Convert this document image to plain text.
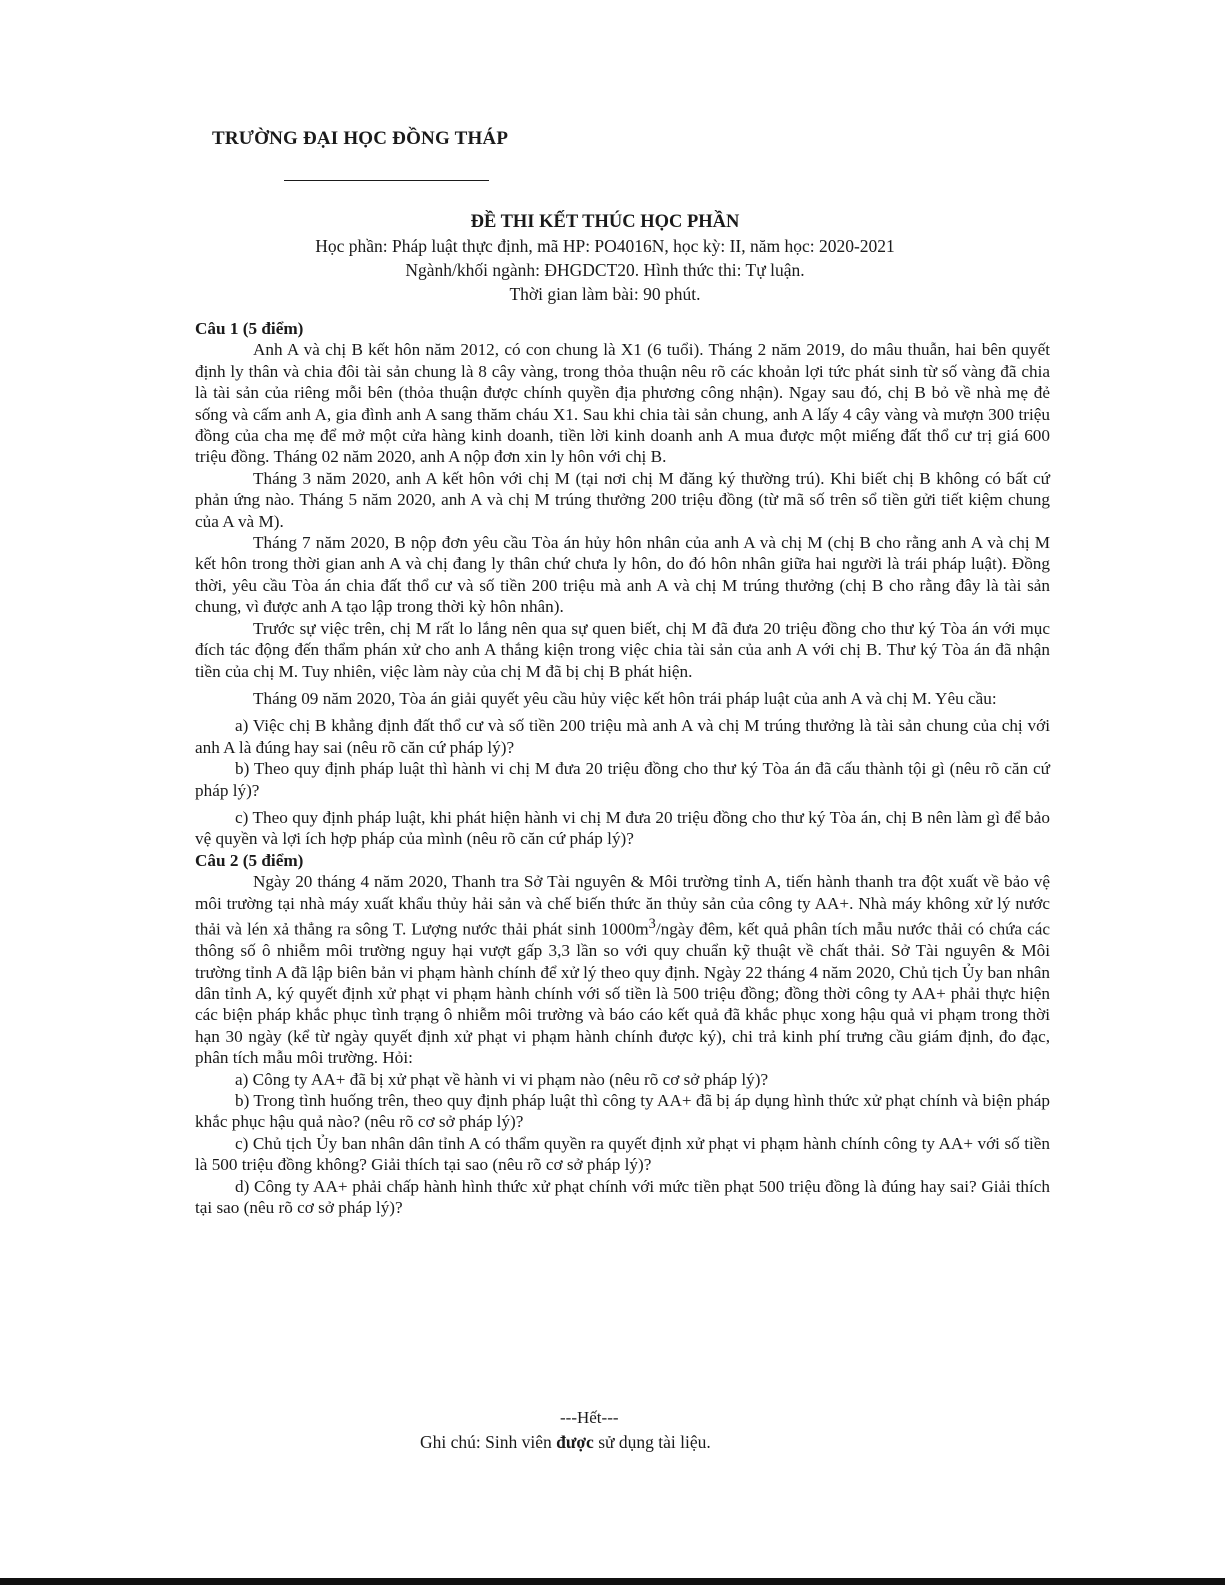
TRƯỜNG ĐẠI HỌC ĐỒNG THÁP
ĐỀ THI KẾT THÚC HỌC PHẦN
Học phần: Pháp luật thực định, mã HP: PO4016N, học kỳ: II, năm học: 2020-2021
Ngành/khối ngành: ĐHGDCT20. Hình thức thi: Tự luận.
Thời gian làm bài: 90 phút.

Câu 1 (5 điểm)

Anh A và chị B kết hôn năm 2012, có con chung là X1 (6 tuổi). Tháng 2 năm 2019, do mâu thuẫn, hai bên quyết định ly thân và chia đôi tài sản chung là 8 cây vàng, trong thỏa thuận nêu rõ các khoản lợi tức phát sinh từ số vàng đã chia là tài sản của riêng mỗi bên (thỏa thuận được chính quyền địa phương công nhận). Ngay sau đó, chị B bỏ về nhà mẹ đẻ sống và cấm anh A, gia đình anh A sang thăm cháu X1. Sau khi chia tài sản chung, anh A lấy 4 cây vàng và mượn 300 triệu đồng của cha mẹ để mở một cửa hàng kinh doanh, tiền lời kinh doanh anh A mua được một miếng đất thổ cư trị giá 600 triệu đồng. Tháng 02 năm 2020, anh A nộp đơn xin ly hôn với chị B.

Tháng 3 năm 2020, anh A kết hôn với chị M (tại nơi chị M đăng ký thường trú). Khi biết chị B không có bất cứ phản ứng nào. Tháng 5 năm 2020, anh A và chị M trúng thưởng 200 triệu đồng (từ mã số trên sổ tiền gửi tiết kiệm chung của A và M).

Tháng 7 năm 2020, B nộp đơn yêu cầu Tòa án hủy hôn nhân của anh A và chị M (chị B cho rằng anh A và chị M kết hôn trong thời gian anh A và chị đang ly thân chứ chưa ly hôn, do đó hôn nhân giữa hai người là trái pháp luật). Đồng thời, yêu cầu Tòa án chia đất thổ cư và số tiền 200 triệu mà anh A và chị M trúng thưởng (chị B cho rằng đây là tài sản chung, vì được anh A tạo lập trong thời kỳ hôn nhân).

Trước sự việc trên, chị M rất lo lắng nên qua sự quen biết, chị M đã đưa 20 triệu đồng cho thư ký Tòa án với mục đích tác động đến thẩm phán xử cho anh A thắng kiện trong việc chia tài sản của anh A với chị B. Thư ký Tòa án đã nhận tiền của chị M. Tuy nhiên, việc làm này của chị M đã bị chị B phát hiện.

Tháng 09 năm 2020, Tòa án giải quyết yêu cầu hủy việc kết hôn trái pháp luật của anh A và chị M. Yêu cầu:

a) Việc chị B khẳng định đất thổ cư và số tiền 200 triệu mà anh A và chị M trúng thưởng là tài sản chung của chị với anh A là đúng hay sai (nêu rõ căn cứ pháp lý)?

b) Theo quy định pháp luật thì hành vi chị M đưa 20 triệu đồng cho thư ký Tòa án đã cấu thành tội gì (nêu rõ căn cứ pháp lý)?

c) Theo quy định pháp luật, khi phát hiện hành vi chị M đưa 20 triệu đồng cho thư ký Tòa án, chị B nên làm gì để bảo vệ quyền và lợi ích hợp pháp của mình (nêu rõ căn cứ pháp lý)?

Câu 2 (5 điểm)

Ngày 20 tháng 4 năm 2020, Thanh tra Sở Tài nguyên & Môi trường tỉnh A, tiến hành thanh tra đột xuất về bảo vệ môi trường tại nhà máy xuất khẩu thủy hải sản và chế biến thức ăn thủy sản của công ty AA+. Nhà máy không xử lý nước thải và lén xả thẳng ra sông T. Lượng nước thải phát $\sinh 1000m^3$/ngày đêm, kết quả phân tích mẫu nước thải có chứa các thông số ô nhiễm môi trường nguy hại vượt gấp 3,3 lần so với quy chuẩn kỹ thuật về chất thải. Sở Tài nguyên & Môi trường tỉnh A đã lập biên bản vi phạm hành chính để xử lý theo quy định. Ngày 22 tháng 4 năm 2020, Chủ tịch Ủy ban nhân dân tỉnh A, ký quyết định xử phạt vi phạm hành chính với số tiền là 500 triệu đồng; đồng thời công ty AA+ phải thực hiện các biện pháp khắc phục tình trạng ô nhiễm môi trường và báo cáo kết quả đã khắc phục xong hậu quả vi phạm trong thời hạn 30 ngày (kể từ ngày quyết định xử phạt vi phạm hành chính được ký), chi trả kinh phí trưng cầu giám định, đo đạc, phân tích mẫu môi trường. Hỏi:

a) Công ty AA+ đã bị xử phạt về hành vi vi phạm nào (nêu rõ cơ sở pháp lý)?

b) Trong tình huống trên, theo quy định pháp luật thì công ty AA+ đã bị áp dụng hình thức xử phạt chính và biện pháp khắc phục hậu quả nào? (nêu rõ cơ sở pháp lý)?

c) Chủ tịch Ủy ban nhân dân tỉnh A có thẩm quyền ra quyết định xử phạt vi phạm hành chính công ty AA+ với số tiền là 500 triệu đồng không? Giải thích tại sao (nêu rõ cơ sở pháp lý)?

d) Công ty AA+ phải chấp hành hình thức xử phạt chính với mức tiền phạt 500 triệu đồng là đúng hay sai? Giải thích tại sao (nêu rõ cơ sở pháp lý)?

---Hết---
Ghi chú: Sinh viên được sử dụng tài liệu.
